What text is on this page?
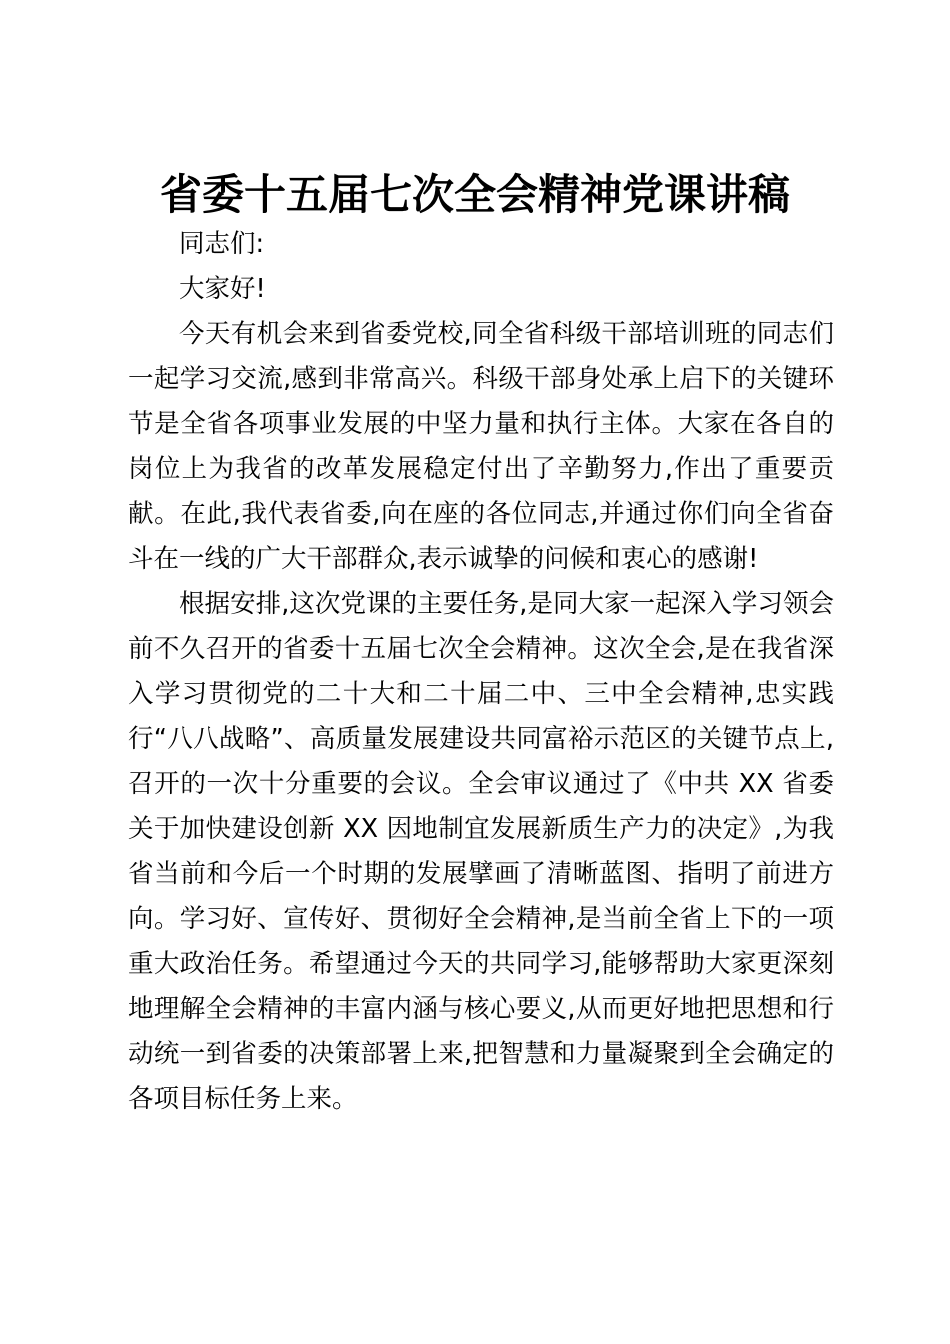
省委十五届七次全会精神党课讲稿
同志们:
大家好!
今天有机会来到省委党校,同全省科级干部培训班的同志们
一起学习交流,感到非常高兴。科级干部身处承上启下的关键环
节是全省各项事业发展的中坚力量和执行主体。大家在各自的
岗位上为我省的改革发展稳定付出了辛勤努力,作出了重要贡
献。在此,我代表省委,向在座的各位同志,并通过你们向全省奋
斗在一线的广大干部群众,表示诚挚的问候和衷心的感谢!
根据安排,这次党课的主要任务,是同大家一起深入学习领会
前不久召开的省委十五届七次全会精神。这次全会,是在我省深
入学习贯彻党的二十大和二十届二中、三中全会精神,忠实践
行“八八战略”、高质量发展建设共同富裕示范区的关键节点上,
召开的一次十分重要的会议。全会审议通过了《中共 XX 省委
关于加快建设创新 XX 因地制宜发展新质生产力的决定》,为我
省当前和今后一个时期的发展擘画了清晰蓝图、指明了前进方
向。学习好、宣传好、贯彻好全会精神,是当前全省上下的一项
重大政治任务。希望通过今天的共同学习,能够帮助大家更深刻
地理解全会精神的丰富内涵与核心要义,从而更好地把思想和行
动统一到省委的决策部署上来,把智慧和力量凝聚到全会确定的
各项目标任务上来。
